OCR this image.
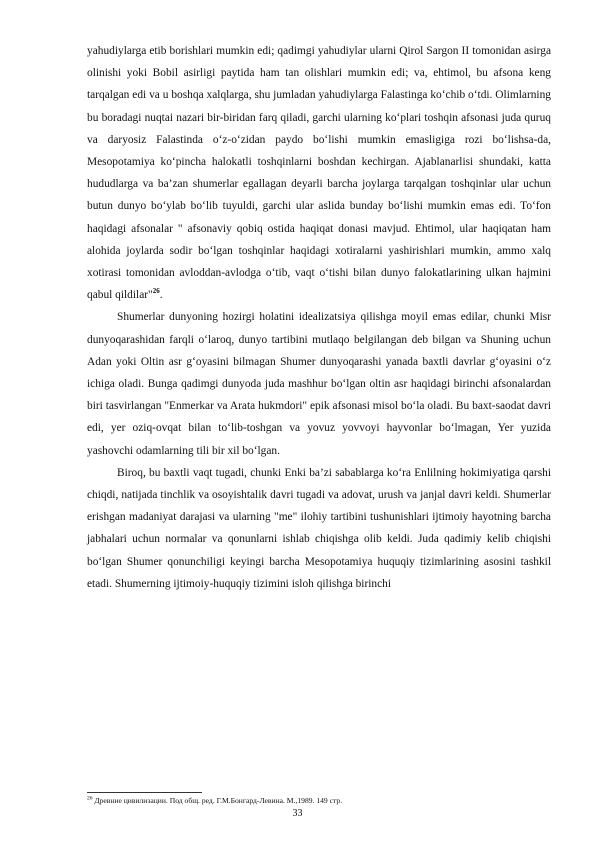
yahudiylarga etib borishlari mumkin edi; qadimgi yahudiylar ularni Qirol Sargon II tomonidan asirga olinishi yoki Bobil asirligi paytida ham tan olishlari mumkin edi; va, ehtimol, bu afsona keng tarqalgan edi va u boshqa xalqlarga, shu jumladan yahudiylarga Falastinga ko‘chib o‘tdi. Olimlarning bu boradagi nuqtai nazari bir-biridan farq qiladi, garchi ularning ko‘plari toshqin afsonasi juda quruq va daryosiz Falastinda o‘z-o‘zidan paydo bo‘lishi mumkin emasligiga rozi bo‘lishsa-da, Mesopotamiya ko‘pincha halokatli toshqinlarni boshdan kechirgan. Ajablanarlisi shundaki, katta hududlarga va ba’zan shumerlar egallagan deyarli barcha joylarga tarqalgan toshqinlar ular uchun butun dunyo bo‘ylab bo‘lib tuyuldi, garchi ular aslida bunday bo‘lishi mumkin emas edi. To‘fon haqidagi afsonalar " afsonaviy qobiq ostida haqiqat donasi mavjud. Ehtimol, ular haqiqatan ham alohida joylarda sodir bo‘lgan toshqinlar haqidagi xotiralarni yashirishlari mumkin, ammo xalq xotirasi tomonidan avloddan-avlodga o‘tib, vaqt o‘tishi bilan dunyo falokatlarining ulkan hajmini qabul qildilar"$^{26}$.

Shumerlar dunyoning hozirgi holatini idealizatsiya qilishga moyil emas edilar, chunki Misr dunyoqarashidan farqli o‘laroq, dunyo tartibini mutlaqo belgilangan deb bilgan va Shuning uchun Adan yoki Oltin asr g‘oyasini bilmagan Shumer dunyoqarashi yanada baxtli davrlar g‘oyasini o‘z ichiga oladi. Bunga qadimgi dunyoda juda mashhur bo‘lgan oltin asr haqidagi birinchi afsonalardan biri tasvirlangan "Enmerkar va Arata hukmdori" epik afsonasi misol bo‘la oladi. Bu baxt-saodat davri edi, yer oziq-ovqat bilan to‘lib-toshgan va yovuz yovvoyi hayvonlar bo‘lmagan, Yer yuzida yashovchi odamlarning tili bir xil bo‘lgan.

Biroq, bu baxtli vaqt tugadi, chunki Enki ba’zi sabablarga ko‘ra Enlilning hokimiyatiga qarshi chiqdi, natijada tinchlik va osoyishtalik davri tugadi va adovat, urush va janjal davri keldi. Shumerlar erishgan madaniyat darajasi va ularning "me" ilohiy tartibini tushunishlari ijtimoiy hayotning barcha jabhalari uchun normalar va qonunlarni ishlab chiqishga olib keldi. Juda qadimiy kelib chiqishi bo‘lgan Shumer qonunchiligi keyingi barcha Mesopotamiya huquqiy tizimlarining asosini tashkil etadi. Shumerning ijtimoiy-huquqiy tizimini isloh qilishga birinchi

$^{26}$ Древние цивилизации. Под общ. ред. Г.М.Бонгард-Левина. М.,1989. 149 стр.

33
